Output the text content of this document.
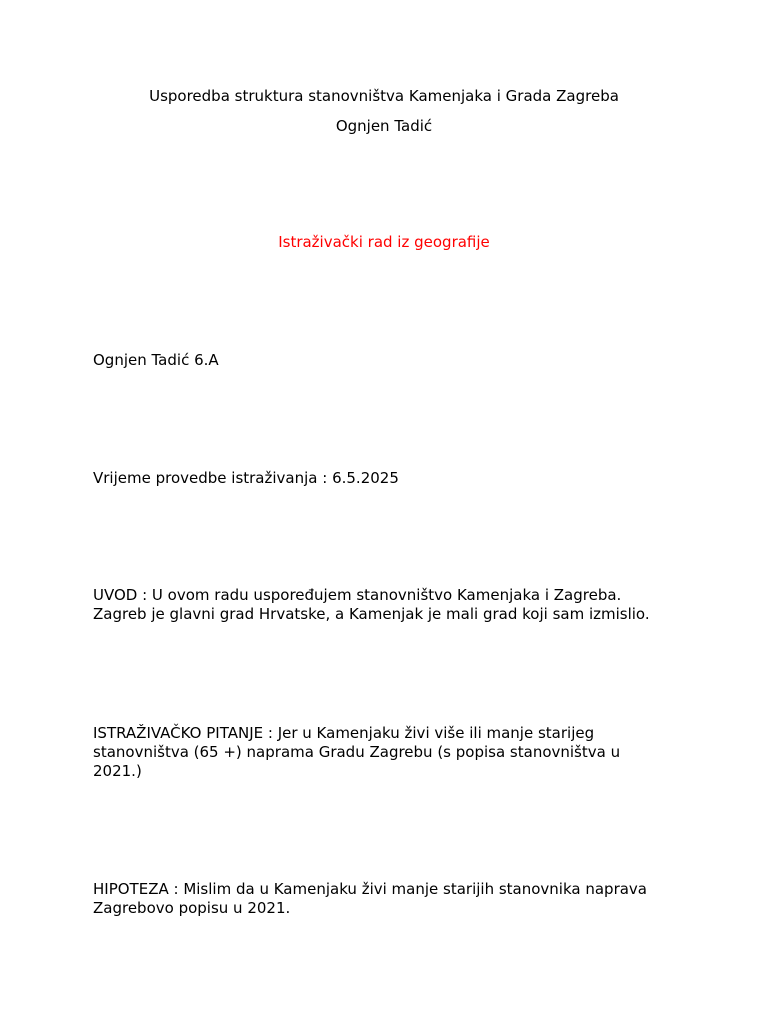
Usporedba struktura stanovništva Kamenjaka i Grada Zagreba
Ognjen Tadić
Istraživački rad iz geografije
Ognjen Tadić 6.A
Vrijeme provedbe istraživanja : 6.5.2025
UVOD : U ovom radu uspoređujem stanovništvo Kamenjaka i Zagreba.
Zagreb je glavni grad Hrvatske, a Kamenjak je mali grad koji sam izmislio.
ISTRAŽIVAČKO PITANJE : Jer u Kamenjaku živi više ili manje starijeg
stanovništva (65 +) naprama Gradu Zagrebu (s popisa stanovništva u
2021.)
HIPOTEZA : Mislim da u Kamenjaku živi manje starijih stanovnika naprava
Zagrebovo popisu u 2021.
